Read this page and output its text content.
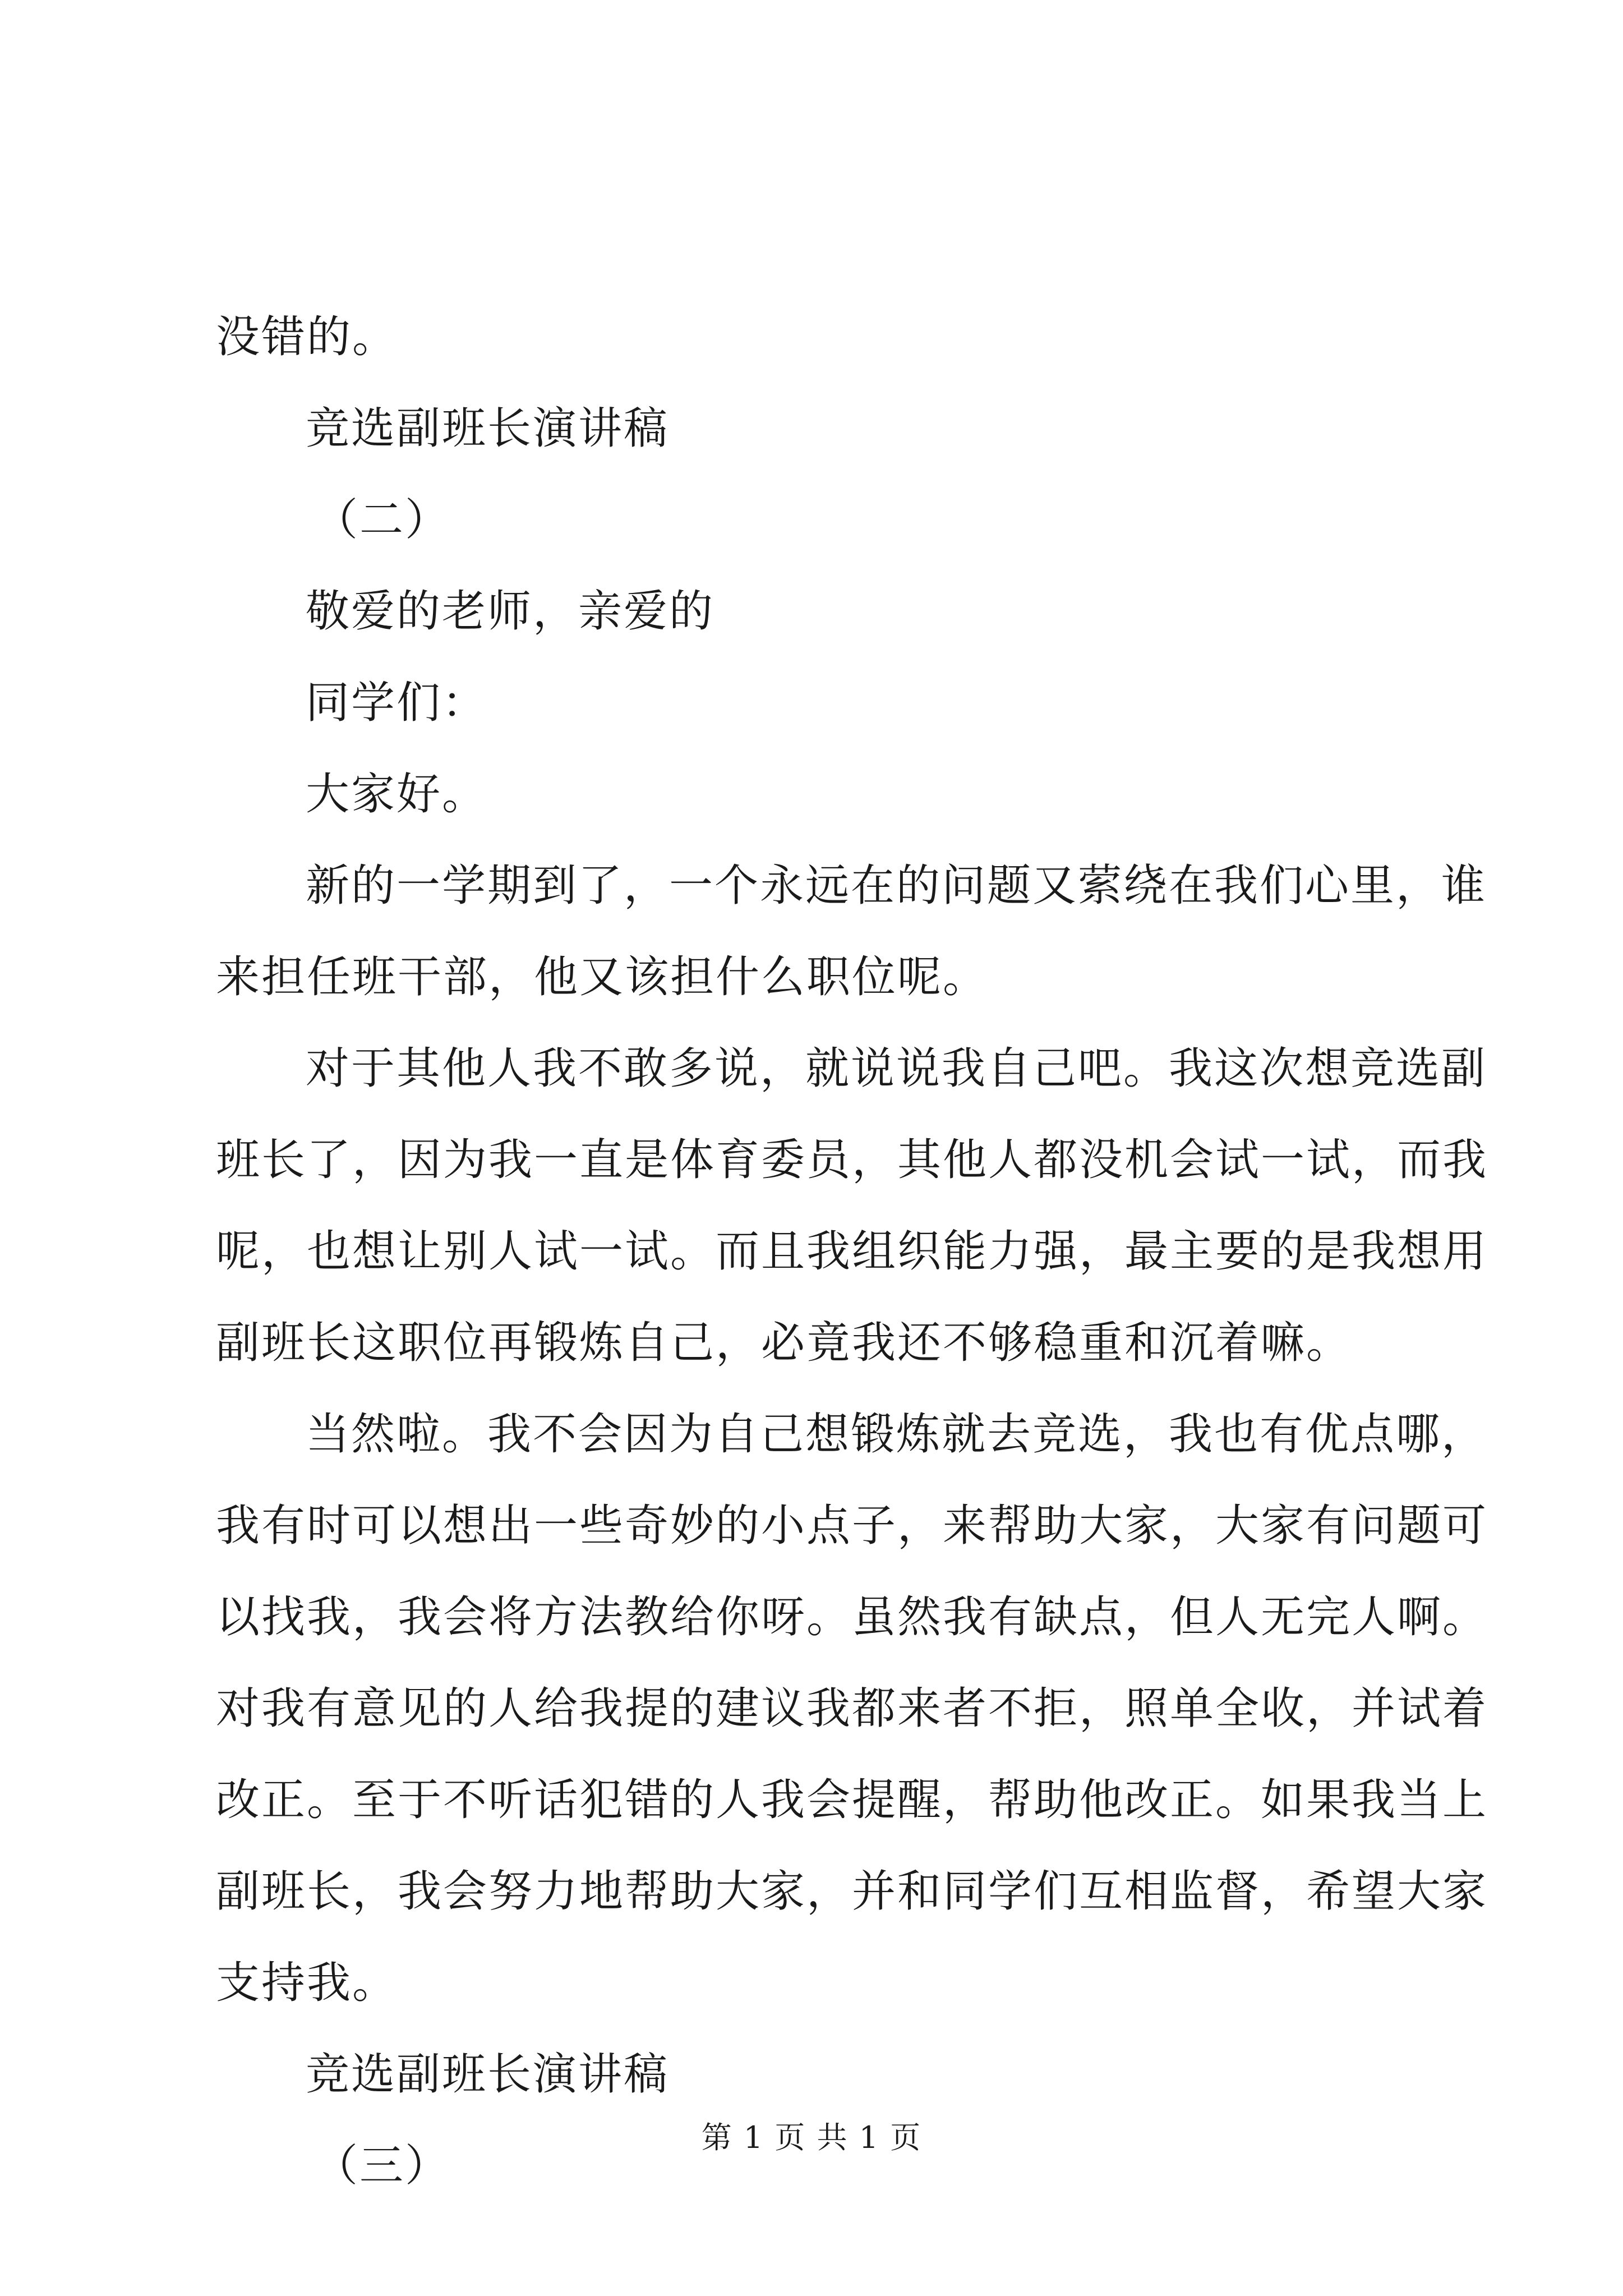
没错的。
竞选副班长演讲稿
（二）
敬爱的老师，亲爱的
同学们：
大家好。
新的一学期到了，一个永远在的问题又萦绕在我们心里，谁
来担任班干部，他又该担什么职位呢。
对于其他人我不敢多说，就说说我自己吧。我这次想竞选副
班长了，因为我一直是体育委员，其他人都没机会试一试，而我
呢，也想让别人试一试。而且我组织能力强，最主要的是我想用
副班长这职位再锻炼自己，必竟我还不够稳重和沉着嘛。
当然啦。我不会因为自己想锻炼就去竞选，我也有优点哪，
我有时可以想出一些奇妙的小点子，来帮助大家，大家有问题可
以找我，我会将方法教给你呀。虽然我有缺点，但人无完人啊。
对我有意见的人给我提的建议我都来者不拒，照单全收，并试着
改正。至于不听话犯错的人我会提醒，帮助他改正。如果我当上
副班长，我会努力地帮助大家，并和同学们互相监督，希望大家
支持我。
竞选副班长演讲稿
（三）
第 1 页 共 1 页
